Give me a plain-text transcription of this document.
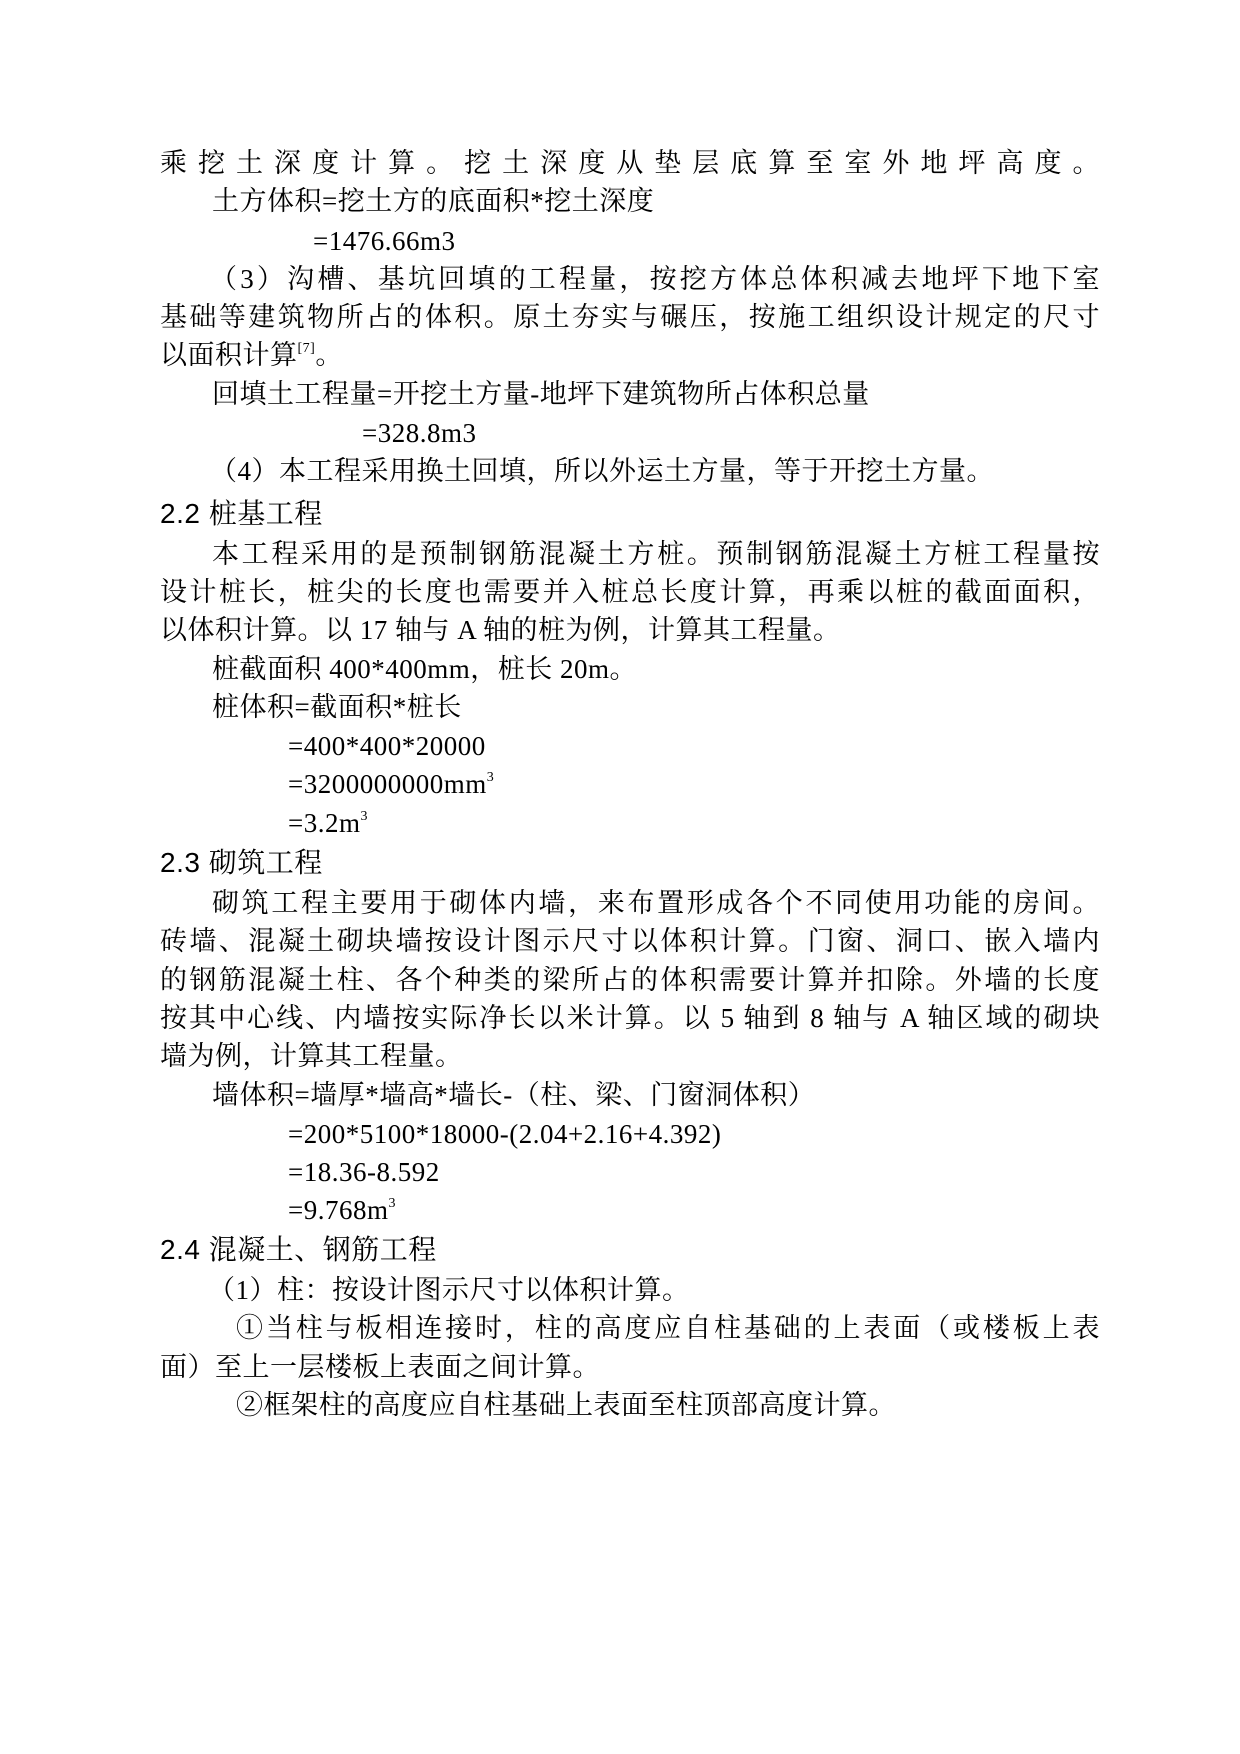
乘挖土深度计算。挖土深度从垫层底算至室外地坪高度。
土方体积=挖土方的底面积*挖土深度
=1476.66m3
（3）沟槽、基坑回填的工程量，按挖方体总体积减去地坪下地下室
基础等建筑物所占的体积。原土夯实与碾压，按施工组织设计规定的尺寸
以面积计算[7]。
回填土工程量=开挖土方量-地坪下建筑物所占体积总量
=328.8m3
（4）本工程采用换土回填，所以外运土方量，等于开挖土方量。
2.2 桩基工程
本工程采用的是预制钢筋混凝土方桩。预制钢筋混凝土方桩工程量按
设计桩长，桩尖的长度也需要并入桩总长度计算，再乘以桩的截面面积，
以体积计算。以 17 轴与 A 轴的桩为例，计算其工程量。
桩截面积 400*400mm，桩长 20m。
桩体积=截面积*桩长
=400*400*20000
$=3200000000mm^3$
$=3.2m^3$
2.3 砌筑工程
砌筑工程主要用于砌体内墙，来布置形成各个不同使用功能的房间。
砖墙、混凝土砌块墙按设计图示尺寸以体积计算。门窗、洞口、嵌入墙内
的钢筋混凝土柱、各个种类的梁所占的体积需要计算并扣除。外墙的长度
按其中心线、内墙按实际净长以米计算。以 5 轴到 8 轴与 A 轴区域的砌块
墙为例，计算其工程量。
墙体积=墙厚*墙高*墙长-（柱、梁、门窗洞体积）
=200*5100*18000-(2.04+2.16+4.392)
=18.36-8.592
$=9.768m^3$
2.4 混凝土、钢筋工程
（1）柱：按设计图示尺寸以体积计算。
①当柱与板相连接时，柱的高度应自柱基础的上表面（或楼板上表
面）至上一层楼板上表面之间计算。
②框架柱的高度应自柱基础上表面至柱顶部高度计算。
